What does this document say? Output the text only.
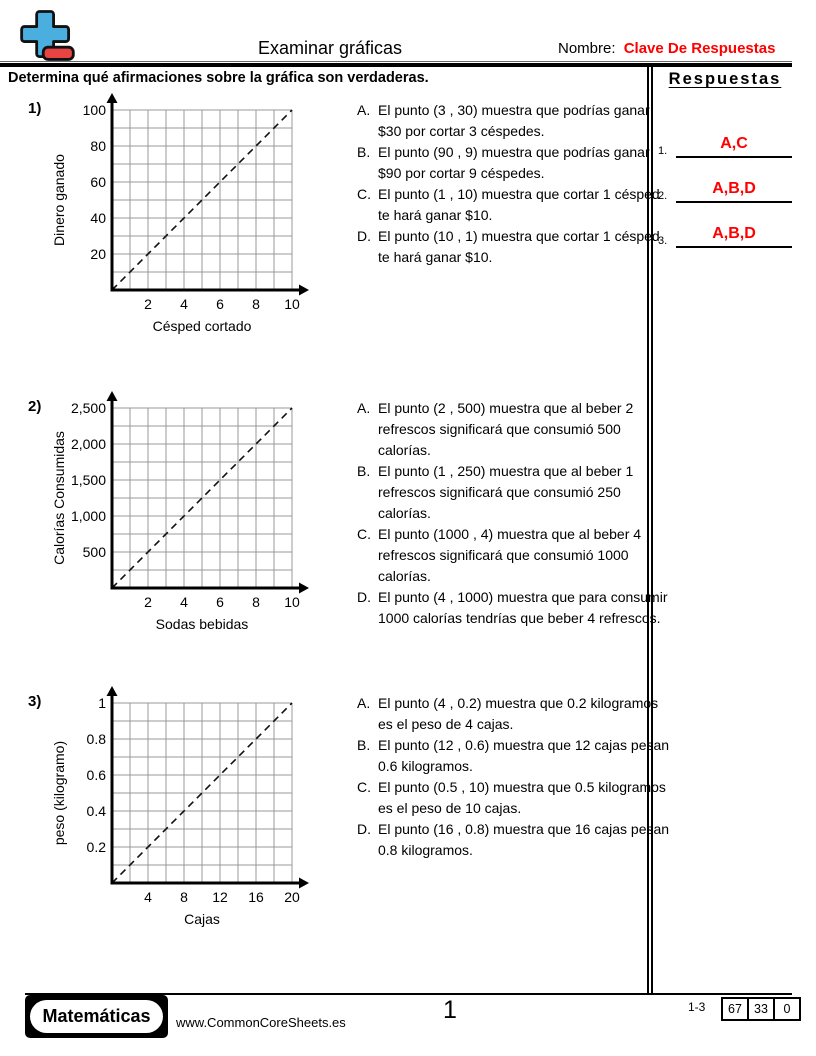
Examinar gráficas	Nombre: Clave De Respuestas
Determina qué afirmaciones sobre la gráfica son verdaderas.	Respuestas
1.	A,C
2.	A,B,D
3.	A,B,D
1)
Dinero ganado
100
80
60
40
20
2	4	6	8	10
Césped cortado
A. El punto (3 , 30) muestra que podrías ganar $30 por cortar 3 céspedes.
B. El punto (90 , 9) muestra que podrías ganar $90 por cortar 9 céspedes.
C. El punto (1 , 10) muestra que cortar 1 césped te hará ganar $10.
D. El punto (10 , 1) muestra que cortar 1 césped te hará ganar $10.
2)
Calorías Consumidas
2,500
2,000
1,500
1,000
500
2	4	6	8	10
Sodas bebidas
A. El punto (2 , 500) muestra que al beber 2 refrescos significará que consumió 500 calorías.
B. El punto (1 , 250) muestra que al beber 1 refrescos significará que consumió 250 calorías.
C. El punto (1000 , 4) muestra que al beber 4 refrescos significará que consumió 1000 calorías.
D. El punto (4 , 1000) muestra que para consumir 1000 calorías tendrías que beber 4 refrescos.
3)
peso (kilogramo)
1
0.8
0.6
0.4
0.2
4	8	12	16	20
Cajas
A. El punto (4 , 0.2) muestra que 0.2 kilogramos es el peso de 4 cajas.
B. El punto (12 , 0.6) muestra que 12 cajas pesan 0.6 kilogramos.
C. El punto (0.5 , 10) muestra que 0.5 kilogramos es el peso de 10 cajas.
D. El punto (16 , 0.8) muestra que 16 cajas pesan 0.8 kilogramos.
Matemáticas	www.CommonCoreSheets.es	1	1-3	67 33	0
